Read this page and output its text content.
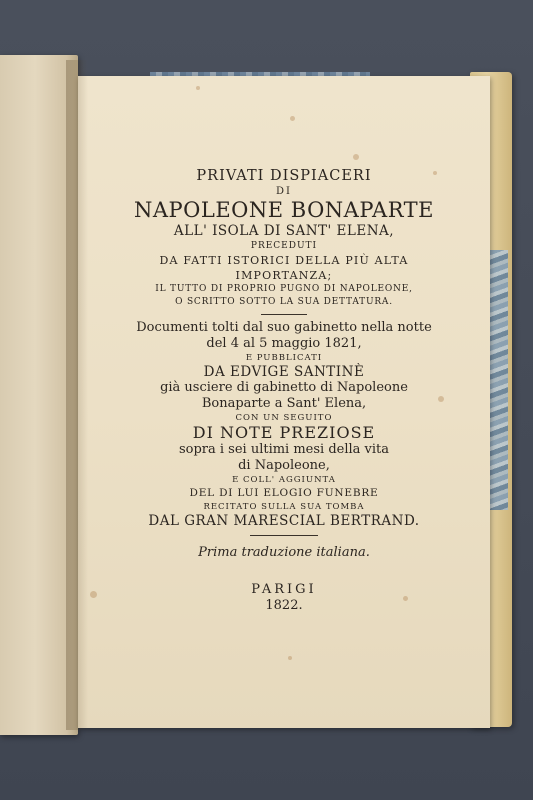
PRIVATI DISPIACERI
DI
NAPOLEONE BONAPARTE
ALL' ISOLA DI SANT' ELENA,
PRECEDUTI
DA FATTI ISTORICI DELLA PIÙ ALTA
IMPORTANZA;
IL TUTTO DI PROPRIO PUGNO DI NAPOLEONE,
O SCRITTO SOTTO LA SUA DETTATURA.
Documenti tolti dal suo gabinetto nella notte
del 4 al 5 maggio 1821,
E PUBBLICATI
DA EDVIGE SANTINÈ
già usciere di gabinetto di Napoleone
Bonaparte a Sant' Elena,
CON UN SEGUITO
DI NOTE PREZIOSE
sopra i sei ultimi mesi della vita
di Napoleone,
E COLL' AGGIUNTA
DEL DI LUI ELOGIO FUNEBRE
RECITATO SULLA SUA TOMBA
DAL GRAN MARESCIAL BERTRAND.
Prima traduzione italiana.
PARIGI
1822.
